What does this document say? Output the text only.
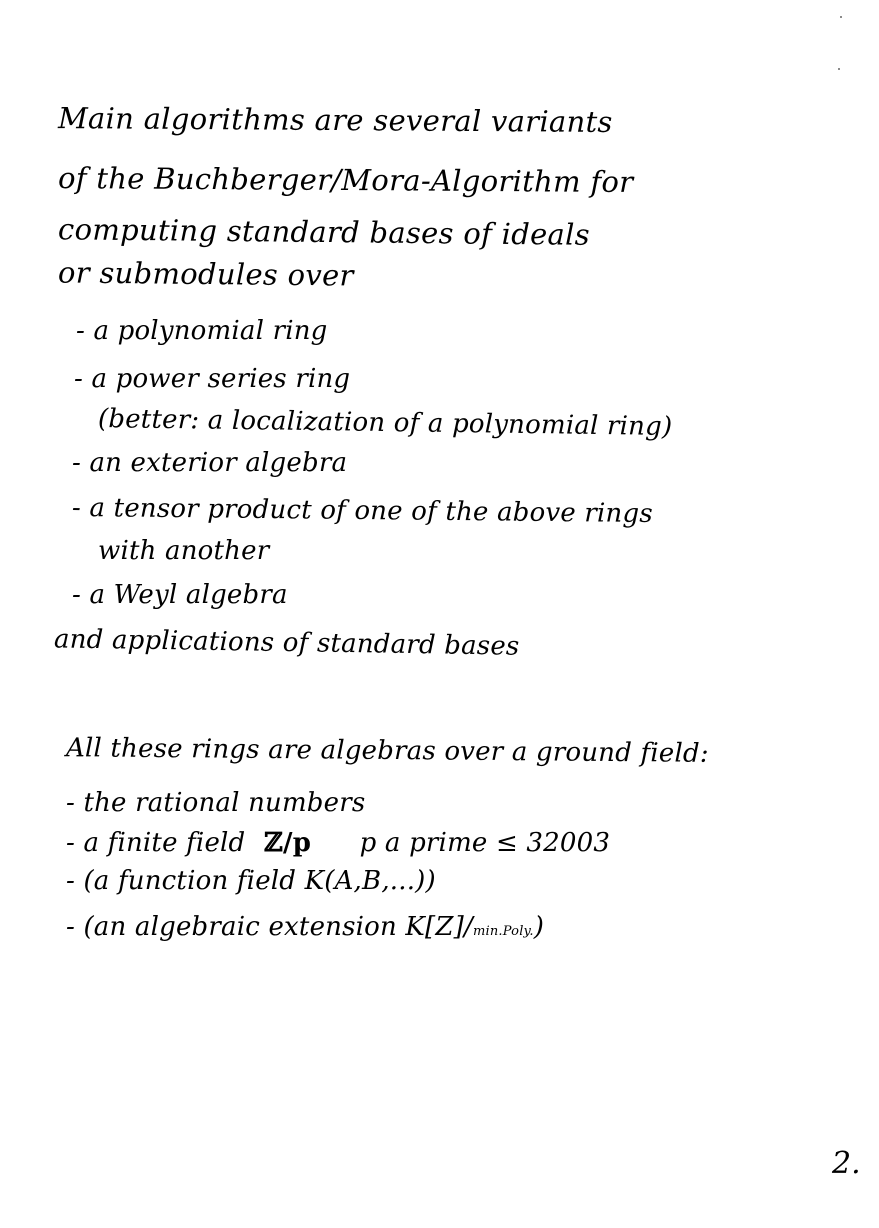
Main algorithms are several variants
of the Buchberger/Mora-Algorithm for
computing standard bases of ideals
or submodules over
- a polynomial ring
- a power series ring
(better: a localization of a polynomial ring)
- an exterior algebra
- a tensor product of one of the above rings
with another
- a Weyl algebra
and applications of standard bases
All these rings are algebras over a ground field:
- the rational numbers
- a finite field ℤ/p p a prime ≤ 32003
- (a function field K(A,B,...))
- (an algebraic extension K[Z]/min.Poly.)
2.
